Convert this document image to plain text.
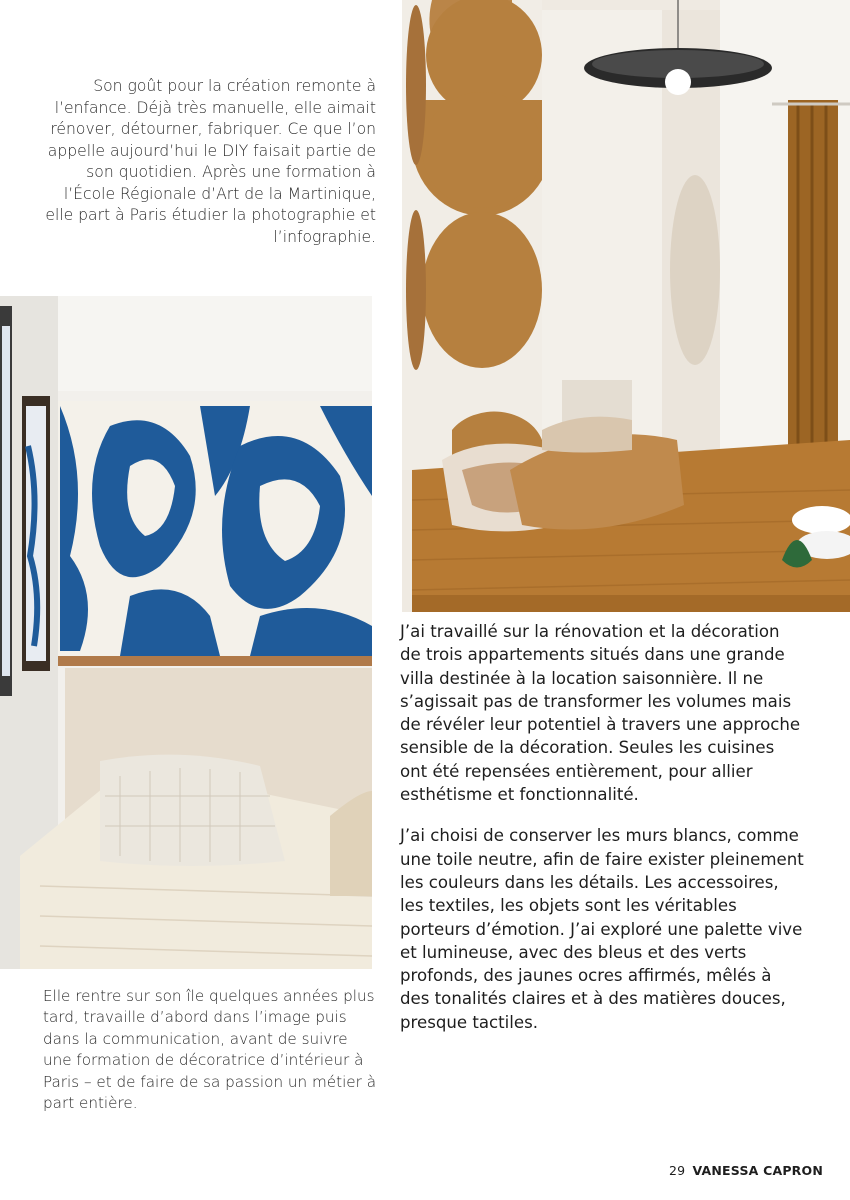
Son goût pour la création remonte à l’enfance. Déjà très manuelle, elle aimait rénover, détourner, fabriquer. Ce que l’on appelle aujourd’hui le DIY faisait partie de son quotidien. Après une formation à l’École Régionale d’Art de la Martinique, elle part à Paris étudier la photographie et l’infographie.
Elle rentre sur son île quelques années plus tard, travaille d’abord dans l’image puis dans la communication, avant de suivre une formation de décoratrice d’intérieur à Paris – et de faire de sa passion un métier à part entière.

J’ai travaillé sur la rénovation et la décoration de trois appartements situés dans une grande villa destinée à la location saisonnière. Il ne s’agissait pas de transformer les volumes mais de révéler leur potentiel à travers une approche sensible de la décoration. Seules les cuisines ont été repensées entièrement, pour allier esthétisme et fonctionnalité.

J’ai choisi de conserver les murs blancs, comme une toile neutre, afin de faire exister pleinement les couleurs dans les détails. Les accessoires, les textiles, les objets sont les véritables porteurs d’émotion. J’ai exploré une palette vive et lumineuse, avec des bleus et des verts profonds, des jaunes ocres affirmés, mêlés à des tonalités claires et à des matières douces, presque tactiles.

29 VANESSA CAPRON
